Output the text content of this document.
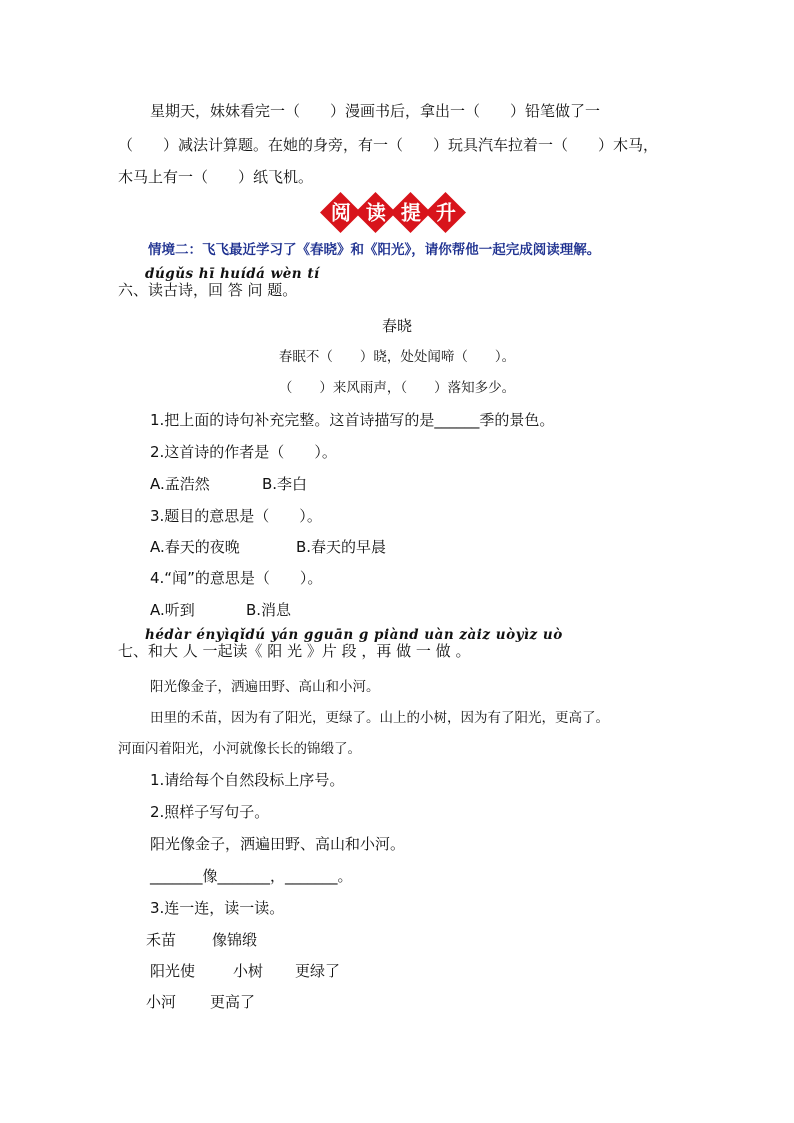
星期天，妹妹看完一（　　）漫画书后，拿出一（　　）铅笔做了一
（　　）减法计算题。在她的身旁，有一（　　）玩具汽车拉着一（　　）木马，
木马上有一（　　）纸飞机。
阅 读 提 升
情境二：飞飞最近学习了《春晓》和《阳光》，请你帮他一起完成阅读理解。
dúgǔs hī huídá wèn tí
六、读古诗，回 答 问 题。
春晓
春眠不（　　）晓，处处闻啼（　　）。
（　　）来风雨声，（　　）落知多少。
1.把上面的诗句补充完整。这首诗描写的是______季的景色。
2.这首诗的作者是（　　）。
A.孟浩然	B.李白
3.题目的意思是（　　）。
A.春天的夜晚	B.春天的早晨
4.“闻”的意思是（　　）。
A.听到	B.消息
hédàr ényìqǐdú yán gguān g piànd uàn zàiz uòyìz uò
七、和大 人 一起读《 阳 光 》片 段 ，再 做 一 做 。
阳光像金子，洒遍田野、高山和小河。
田里的禾苗，因为有了阳光，更绿了。山上的小树，因为有了阳光，更高了。
河面闪着阳光，小河就像长长的锦缎了。
1.请给每个自然段标上序号。
2.照样子写句子。
阳光像金子，洒遍田野、高山和小河。
_______像_______，_______。
3.连一连，读一读。
禾苗 像锦缎
阳光使	小树 更绿了
小河 更高了
